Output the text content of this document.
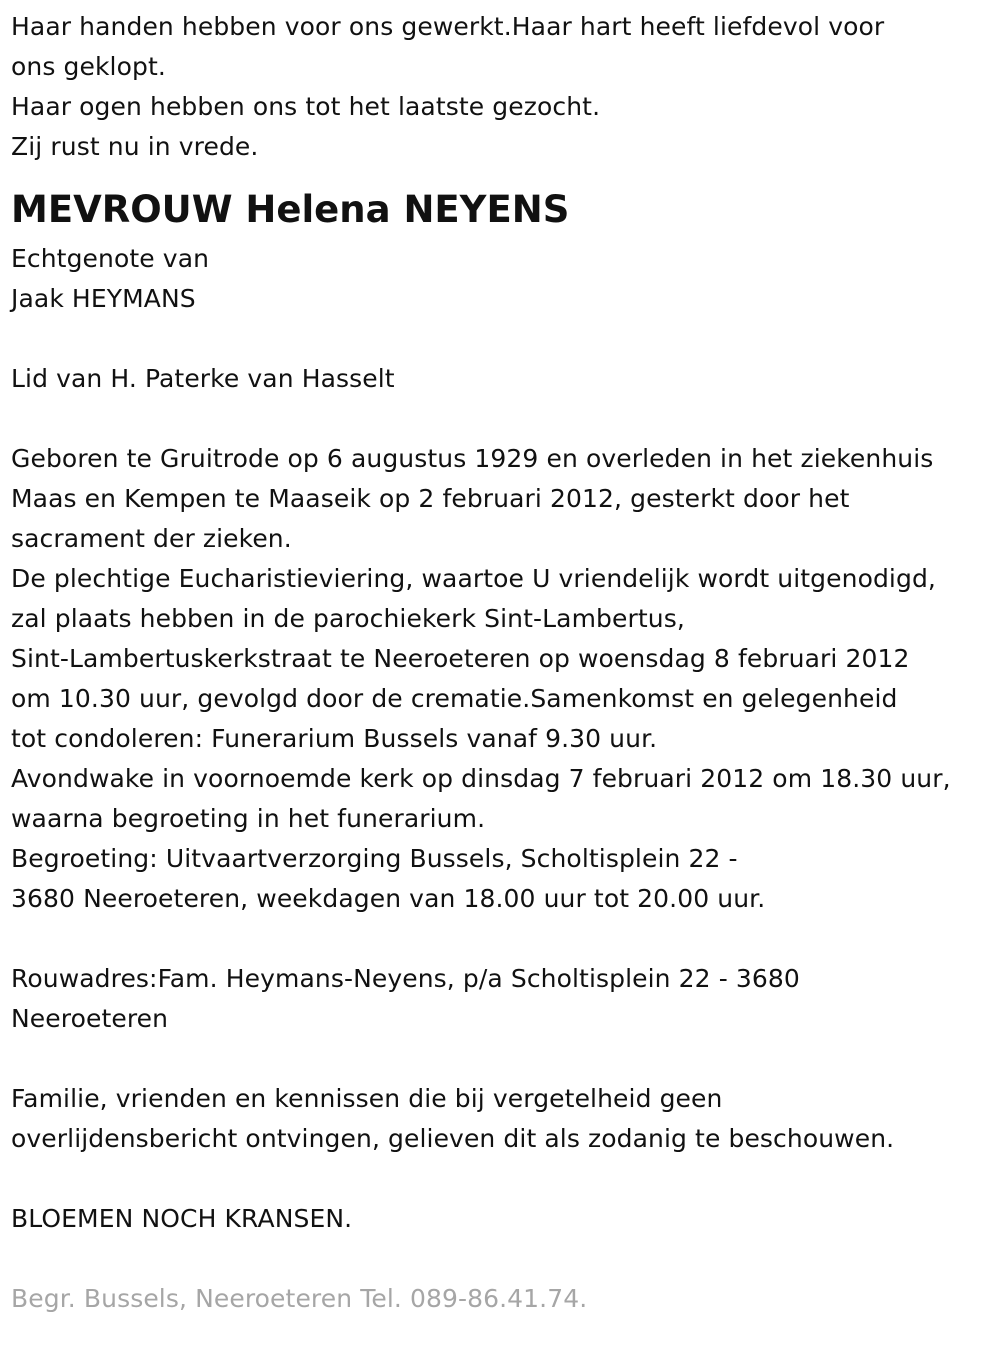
Haar handen hebben voor ons gewerkt.Haar hart heeft liefdevol voor
ons geklopt.
Haar ogen hebben ons tot het laatste gezocht.
Zij rust nu in vrede.
MEVROUW Helena NEYENS
Echtgenote van
Jaak HEYMANS
Lid van H. Paterke van Hasselt
Geboren te Gruitrode op 6 augustus 1929 en overleden in het ziekenhuis
Maas en Kempen te Maaseik op 2 februari 2012, gesterkt door het
sacrament der zieken.
De plechtige Eucharistieviering, waartoe U vriendelijk wordt uitgenodigd,
zal plaats hebben in de parochiekerk Sint-Lambertus,
Sint-Lambertuskerkstraat te Neeroeteren op woensdag 8 februari 2012
om 10.30 uur, gevolgd door de crematie.Samenkomst en gelegenheid
tot condoleren: Funerarium Bussels vanaf 9.30 uur.
Avondwake in voornoemde kerk op dinsdag 7 februari 2012 om 18.30 uur,
waarna begroeting in het funerarium.
Begroeting: Uitvaartverzorging Bussels, Scholtisplein 22 -
3680 Neeroeteren, weekdagen van 18.00 uur tot 20.00 uur.
Rouwadres:Fam. Heymans-Neyens, p/a Scholtisplein 22 - 3680
Neeroeteren
Familie, vrienden en kennissen die bij vergetelheid geen
overlijdensbericht ontvingen, gelieven dit als zodanig te beschouwen.
BLOEMEN NOCH KRANSEN.
Begr. Bussels, Neeroeteren Tel. 089-86.41.74.
